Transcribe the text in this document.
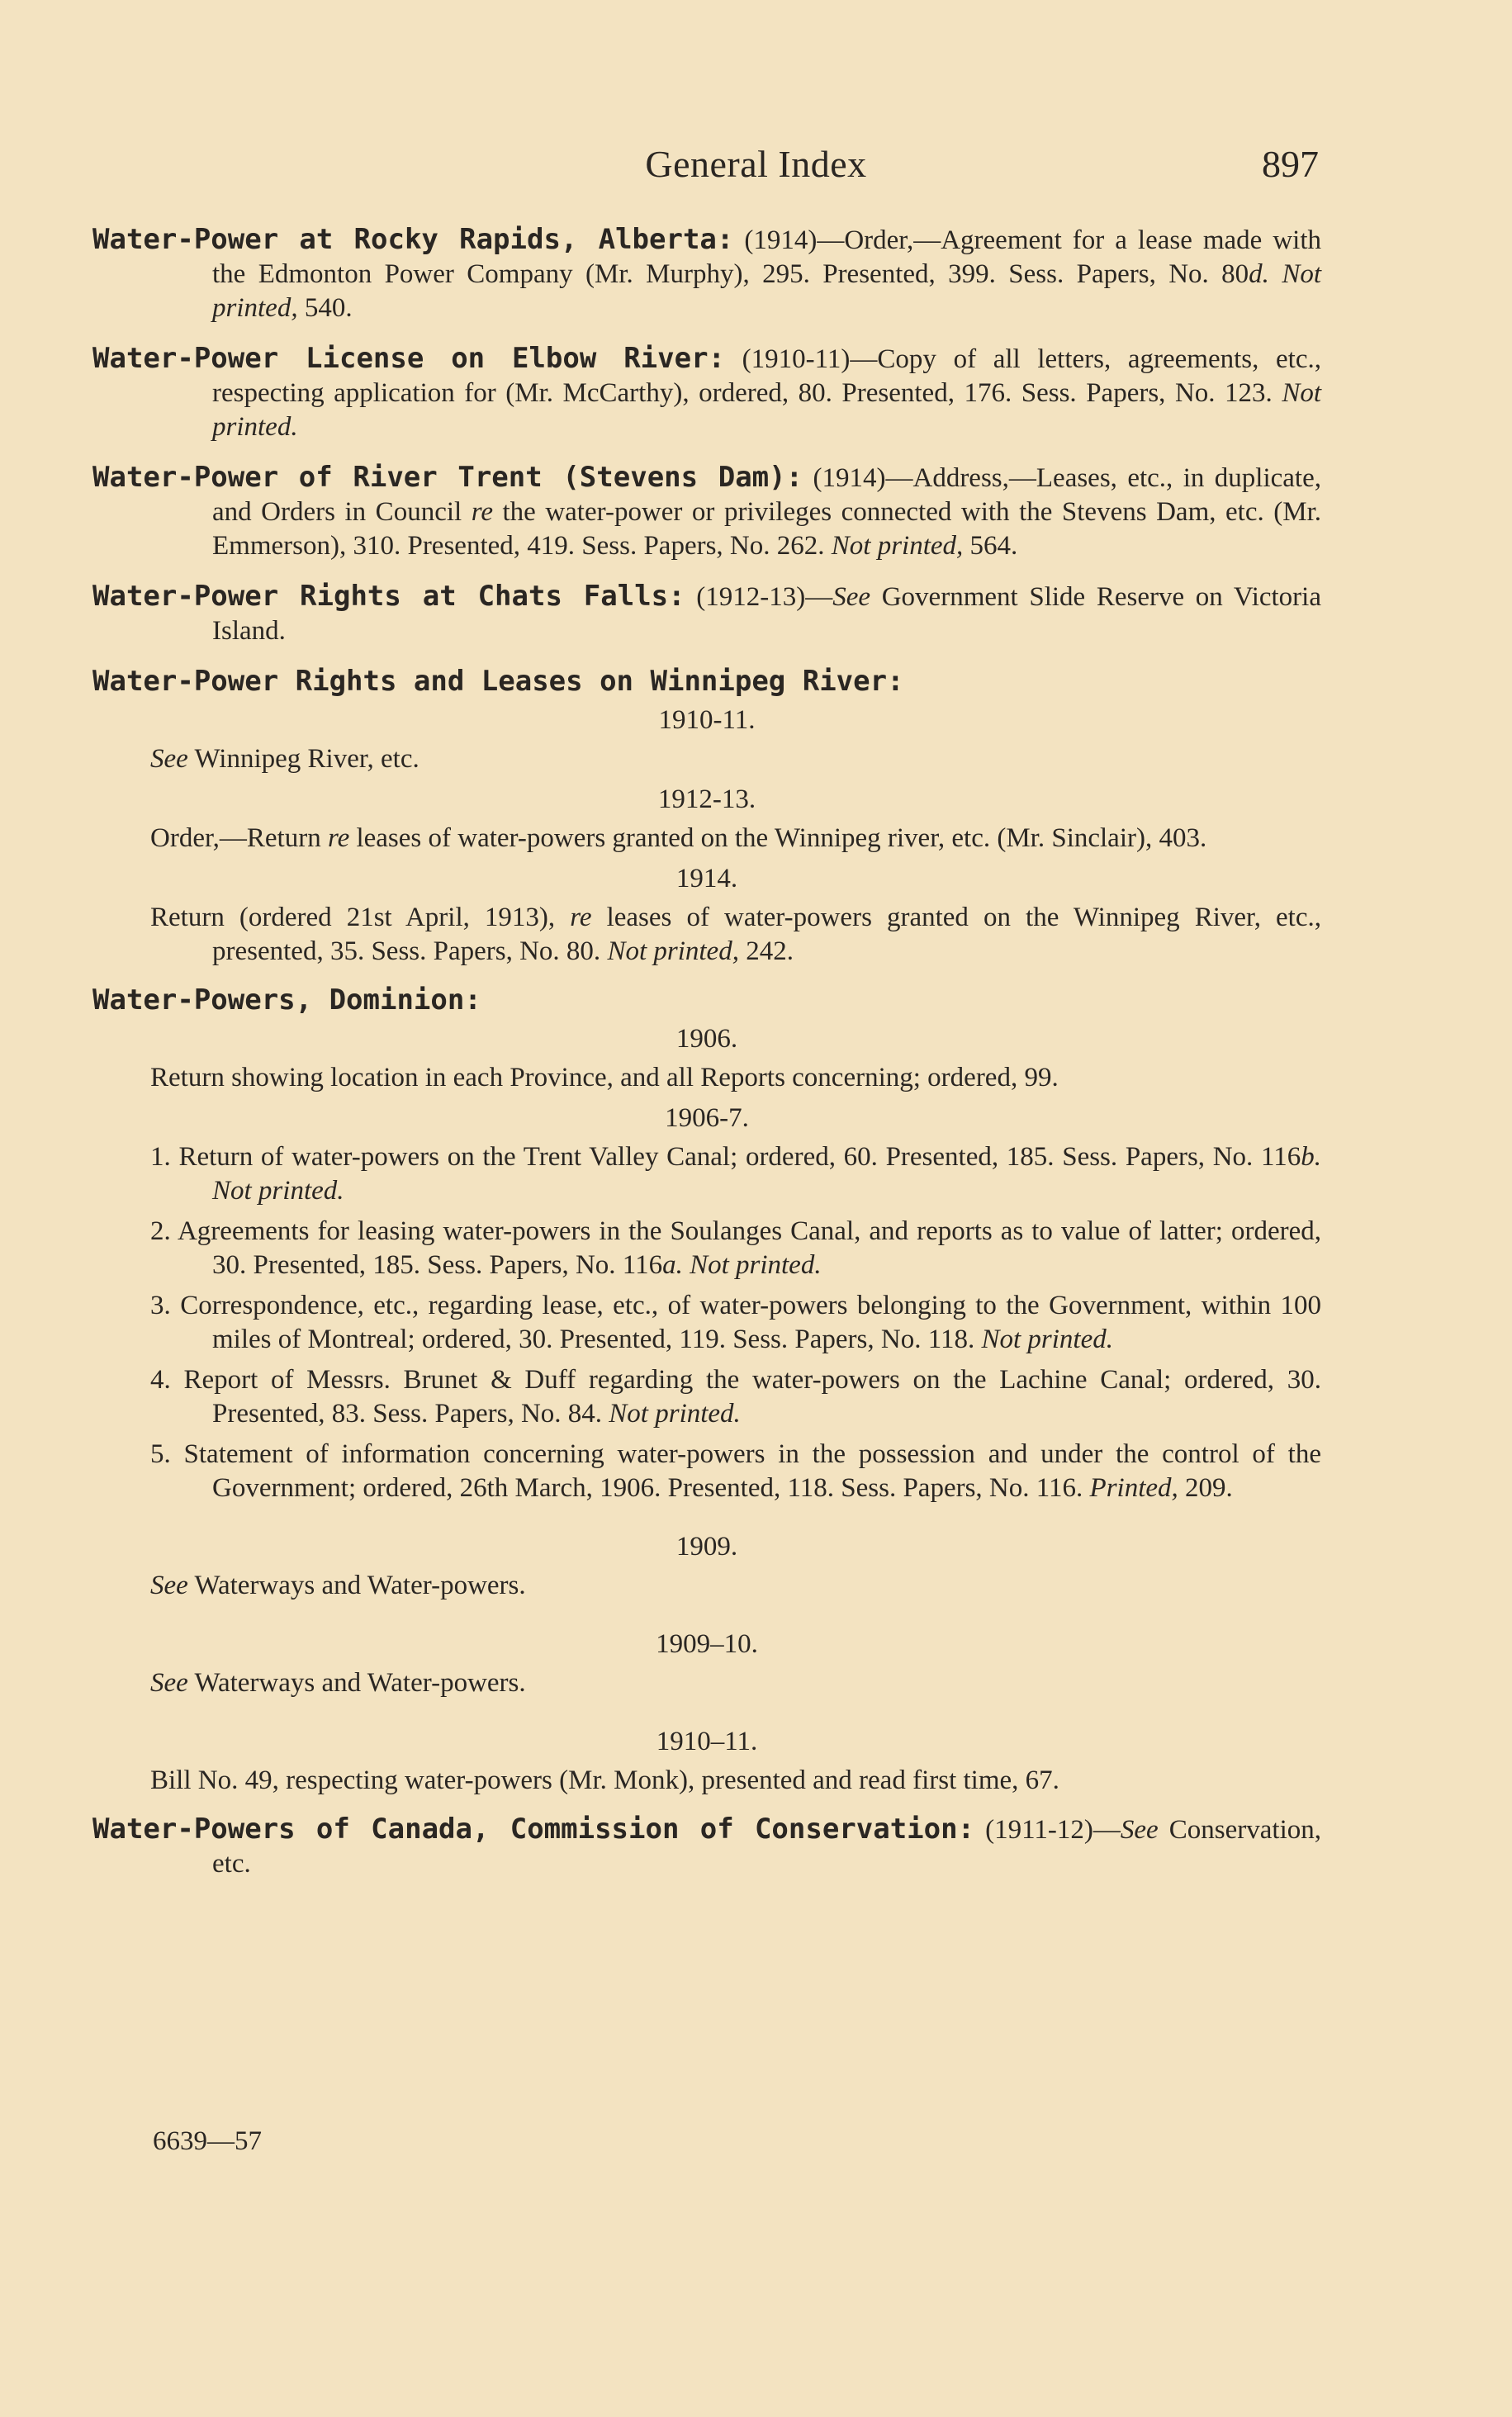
General Index	897
Water-Power at Rocky Rapids, Alberta: (1914)—Order,—Agreement for a lease made with the Edmonton Power Company (Mr. Murphy), 295. Presented, 399. Sess. Papers, No. 80d. Not printed, 540.
Water-Power License on Elbow River: (1910-11)—Copy of all letters, agreements, etc., respecting application for (Mr. McCarthy), ordered, 80. Presented, 176. Sess. Papers, No. 123. Not printed.
Water-Power of River Trent (Stevens Dam): (1914)—Address,—Leases, etc., in duplicate, and Orders in Council re the water-power or privileges connected with the Stevens Dam, etc. (Mr. Emmerson), 310. Presented, 419. Sess. Papers, No. 262. Not printed, 564.
Water-Power Rights at Chats Falls: (1912-13)—See Government Slide Reserve on Victoria Island.
Water-Power Rights and Leases on Winnipeg River:
1910-11.
See Winnipeg River, etc.
1912-13.
Order,—Return re leases of water-powers granted on the Winnipeg river, etc. (Mr. Sinclair), 403.
1914.
Return (ordered 21st April, 1913), re leases of water-powers granted on the Winnipeg River, etc., presented, 35. Sess. Papers, No. 80. Not printed, 242.
Water-Powers, Dominion:
1906.
Return showing location in each Province, and all Reports concerning; ordered, 99.
1906-7.
1. Return of water-powers on the Trent Valley Canal; ordered, 60. Presented, 185. Sess. Papers, No. 116b. Not printed.
2. Agreements for leasing water-powers in the Soulanges Canal, and reports as to value of latter; ordered, 30. Presented, 185. Sess. Papers, No. 116a. Not printed.
3. Correspondence, etc., regarding lease, etc., of water-powers belonging to the Government, within 100 miles of Montreal; ordered, 30. Presented, 119. Sess. Papers, No. 118. Not printed.
4. Report of Messrs. Brunet & Duff regarding the water-powers on the Lachine Canal; ordered, 30. Presented, 83. Sess. Papers, No. 84. Not printed.
5. Statement of information concerning water-powers in the possession and under the control of the Government; ordered, 26th March, 1906. Presented, 118. Sess. Papers, No. 116. Printed, 209.
1909.
See Waterways and Water-powers.
1909–10.
See Waterways and Water-powers.
1910–11.
Bill No. 49, respecting water-powers (Mr. Monk), presented and read first time, 67.
Water-Powers of Canada, Commission of Conservation: (1911-12)—See Conservation, etc.
6639—57
